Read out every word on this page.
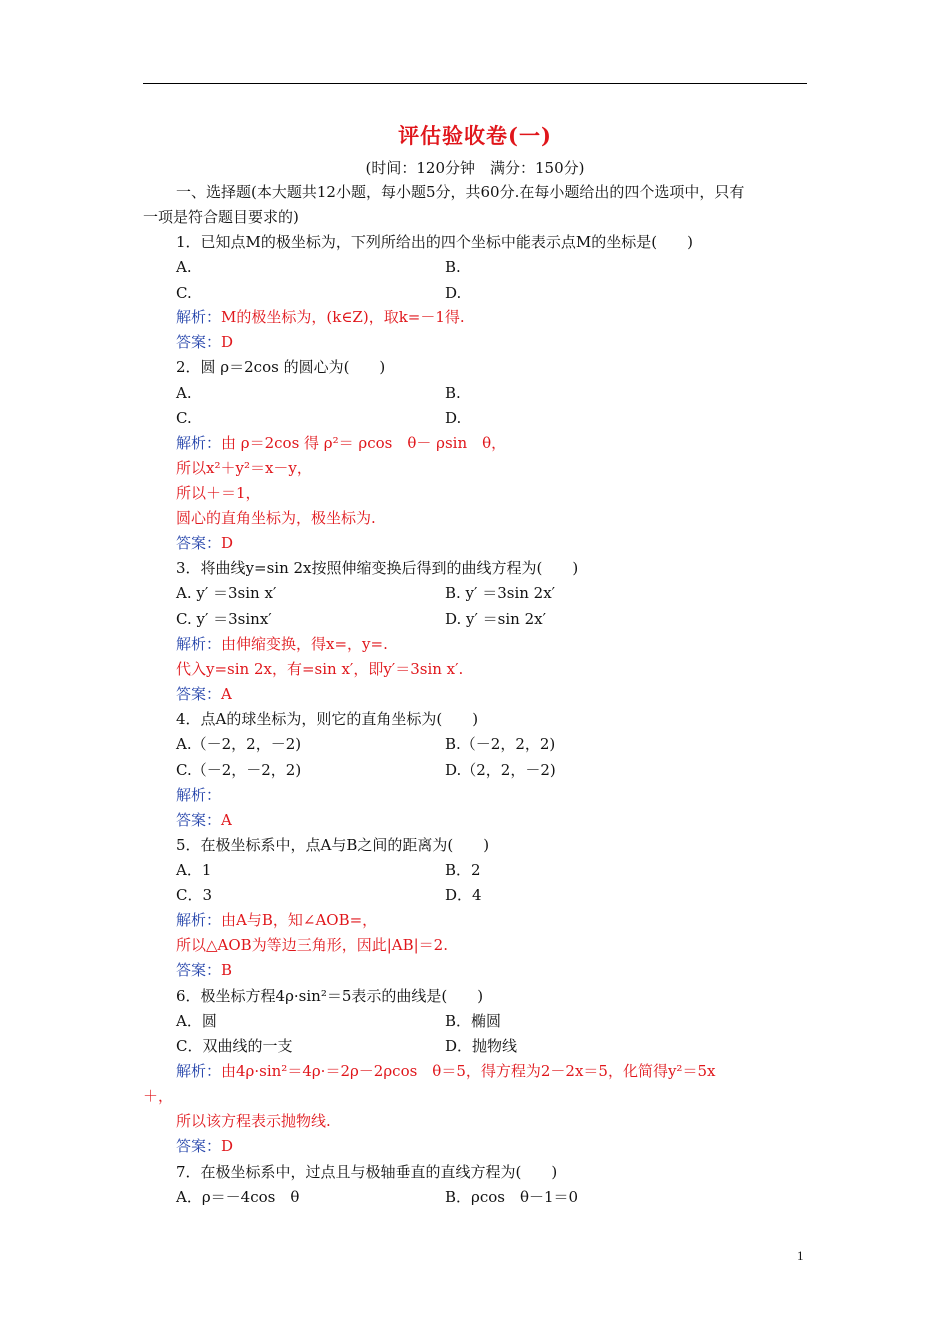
评估验收卷(一)
(时间：120分钟　满分：150分)
一、选择题(本大题共12小题，每小题5分，共60分.在每小题给出的四个选项中，只有
一项是符合题目要求的)
1．已知点M的极坐标为，下列所给出的四个坐标中能表示点M的坐标是(　　)
A.	B.
C.	D.
解析：M的极坐标为，(k∈Z)，取k=－1得.
答案：D
2．圆 ρ＝2cos 的圆心为(　　)
A.	B.
C.	D.
解析：由 ρ＝2cos 得 ρ²＝ ρcos　θ－ ρsin　θ，
所以x²＋y²＝x－y，
所以＋＝1，
圆心的直角坐标为，极坐标为.
答案：D
3．将曲线y=sin 2x按照伸缩变换后得到的曲线方程为(　　)
A. y′ ＝3sin x′	B. y′ ＝3sin 2x′
C. y′ ＝3sinx′	D. y′ ＝sin 2x′
解析：由伸缩变换，得x=，y=.
代入y=sin 2x，有=sin x′，即y′＝3sin x′.
答案：A
4．点A的球坐标为，则它的直角坐标为(　　)
A.（－2，2，－2)	B.（－2，2，2)
C.（－2，－2，2)	D.（2，2，－2)
解析：
答案：A
5．在极坐标系中，点A与B之间的距离为(　　)
A．1	B．2
C．3	D．4
解析：由A与B，知∠AOB=，
所以△AOB为等边三角形，因此|AB|＝2.
答案：B
6．极坐标方程4ρ·sin²＝5表示的曲线是(　　)
A．圆	B．椭圆
C．双曲线的一支	D．抛物线
解析：由4ρ·sin²＝4ρ·＝2ρ－2ρcos　θ＝5，得方程为2－2x＝5，化简得y²＝5x
＋，
所以该方程表示抛物线.
答案：D
7．在极坐标系中，过点且与极轴垂直的直线方程为(　　)
A．ρ＝－4cos　θ	B．ρcos　θ－1＝0
1
